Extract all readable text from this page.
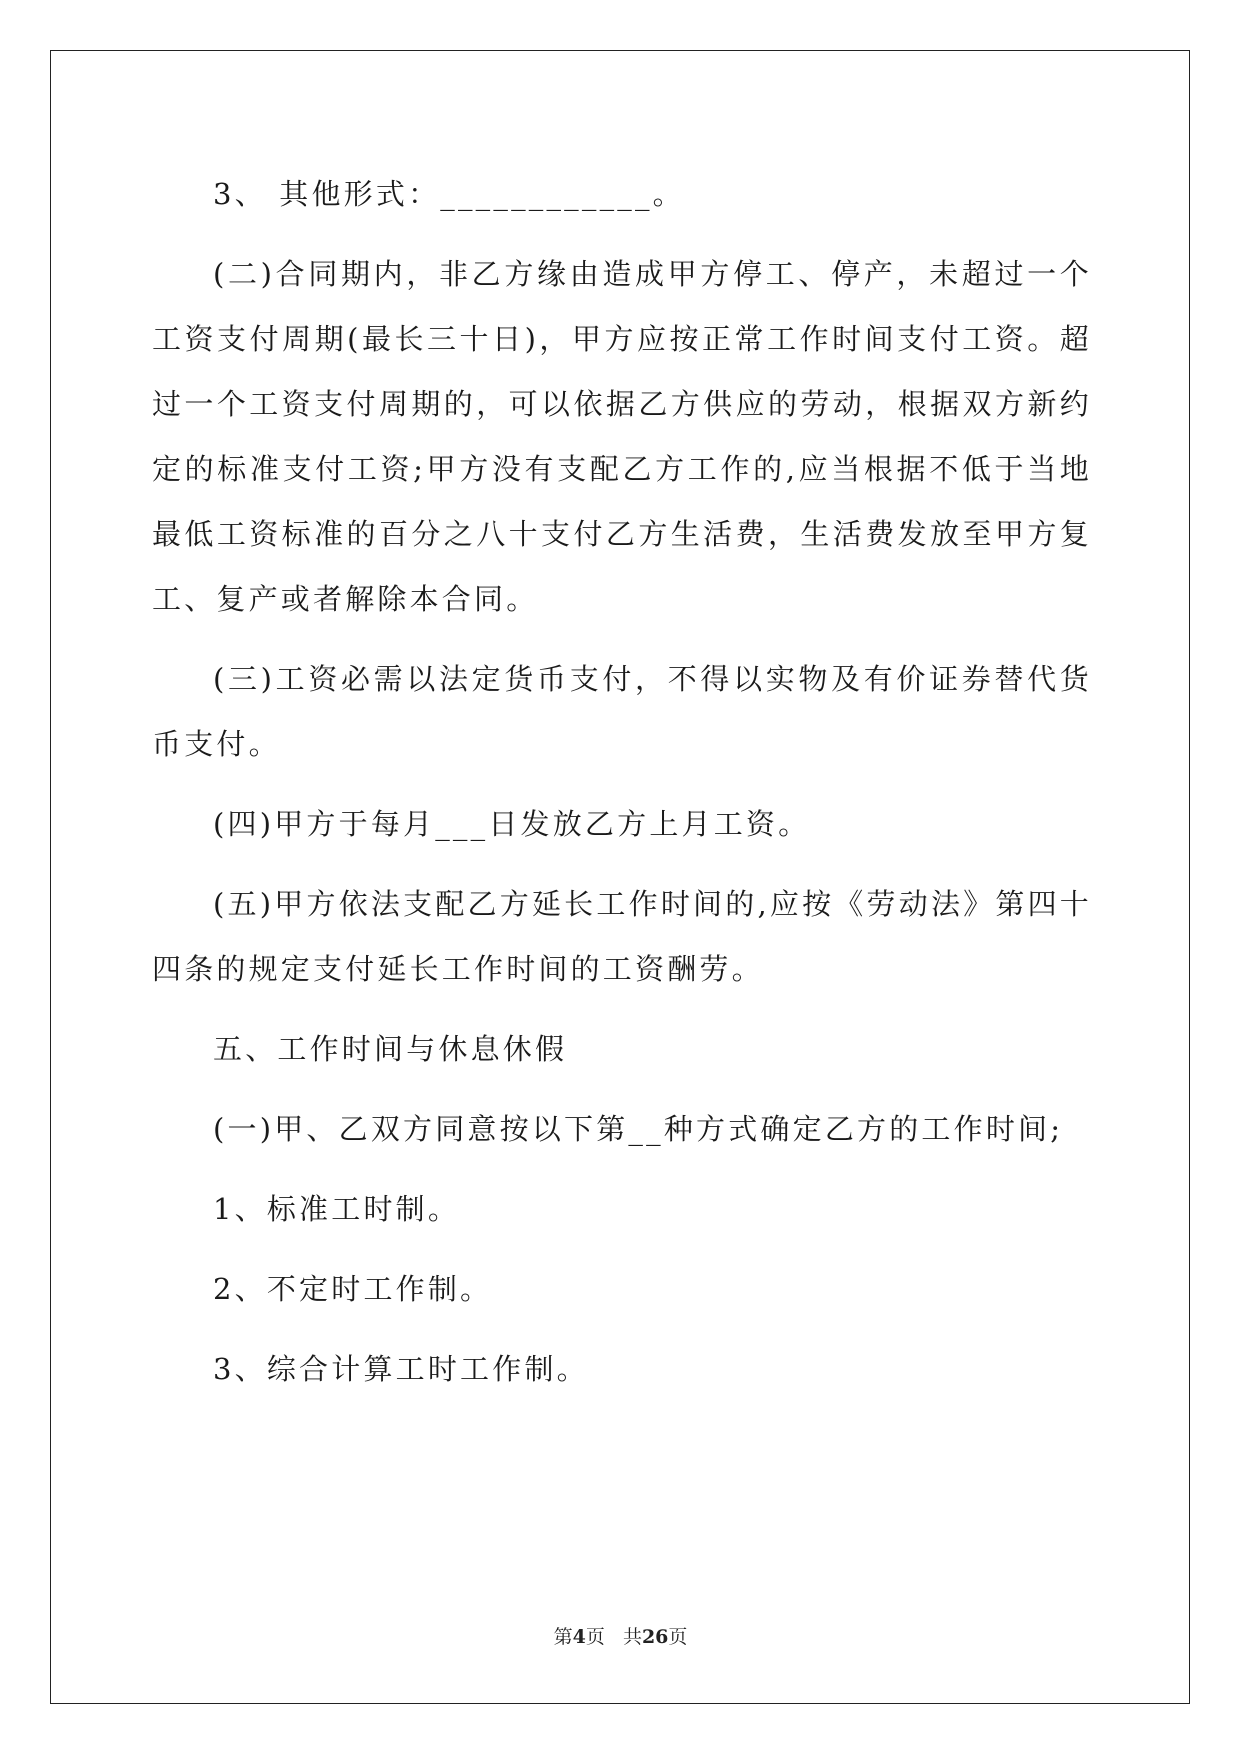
3、 其他形式：____________。

(二)合同期内，非乙方缘由造成甲方停工、停产，未超过一个工资支付周期(最长三十日)，甲方应按正常工作时间支付工资。超过一个工资支付周期的，可以依据乙方供应的劳动，根据双方新约定的标准支付工资;甲方没有支配乙方工作的,应当根据不低于当地最低工资标准的百分之八十支付乙方生活费，生活费发放至甲方复工、复产或者解除本合同。

(三)工资必需以法定货币支付，不得以实物及有价证券替代货币支付。

(四)甲方于每月___日发放乙方上月工资。

(五)甲方依法支配乙方延长工作时间的,应按《劳动法》第四十四条的规定支付延长工作时间的工资酬劳。

五、工作时间与休息休假

(一)甲、乙双方同意按以下第__种方式确定乙方的工作时间;

1、标准工时制。

2、不定时工作制。

3、综合计算工时工作制。

第4页   共26页
